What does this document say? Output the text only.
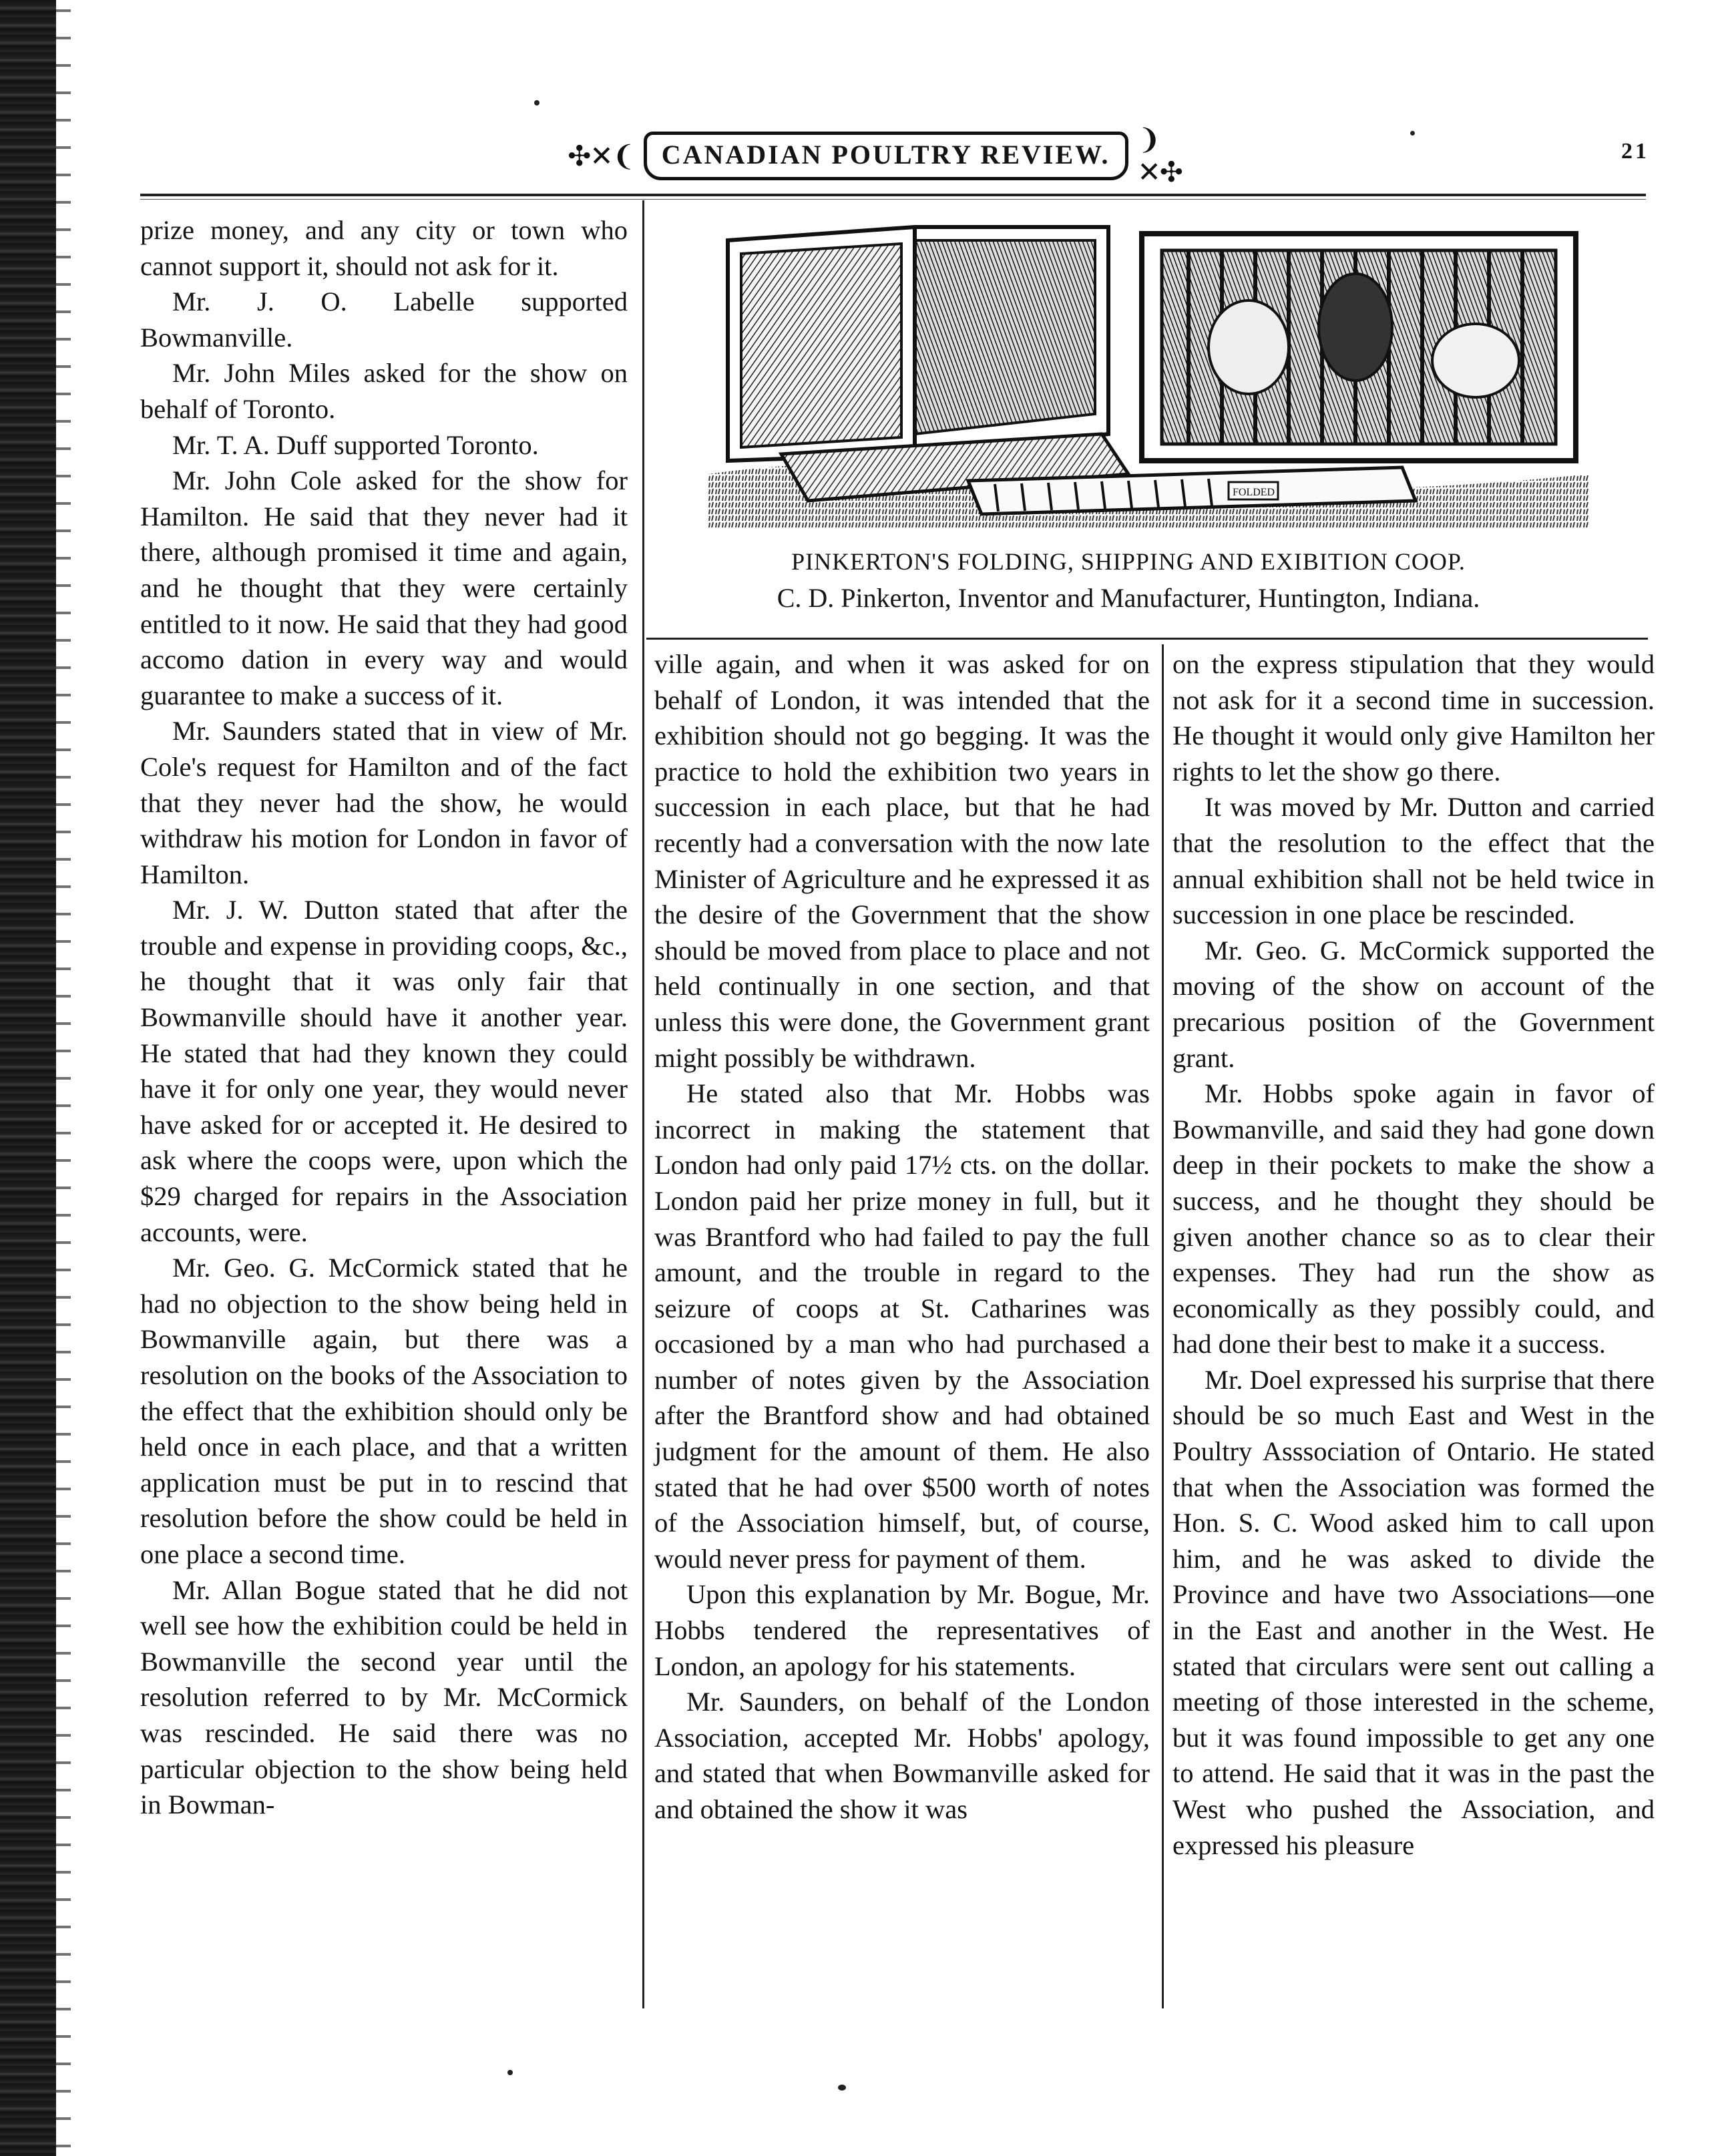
✣✕❨	CANADIAN POULTRY REVIEW. ❩✕✣
21
FOLDED
PINKERTON'S FOLDING, SHIPPING AND EXIBITION COOP.
C. D. Pinkerton, Inventor and Manufacturer, Huntington, Indiana.

prize money, and any city or town who cannot support it, should not ask for it.

Mr. J. O. Labelle supported Bowmanville.

Mr. John Miles asked for the show on behalf of Toronto.

Mr. T. A. Duff supported Toronto.

Mr. John Cole asked for the show for Hamilton. He said that they never had it there, although promised it time and again, and he thought that they were certainly entitled to it now. He said that they had good accomo dation in every way and would guarantee to make a success of it.

Mr. Saunders stated that in view of Mr. Cole's request for Hamilton and of the fact that they never had the show, he would withdraw his motion for London in favor of Hamilton.

Mr. J. W. Dutton stated that after the trouble and expense in providing coops, &c., he thought that it was only fair that Bowmanville should have it another year. He stated that had they known they could have it for only one year, they would never have asked for or accepted it. He desired to ask where the coops were, upon which the $29 charged for repairs in the Association accounts, were.

Mr. Geo. G. McCormick stated that he had no objection to the show being held in Bowmanville again, but there was a resolution on the books of the Association to the effect that the exhibition should only be held once in each place, and that a written application must be put in to rescind that resolution before the show could be held in one place a second time.

Mr. Allan Bogue stated that he did not well see how the exhibition could be held in Bowmanville the second year until the resolution referred to by Mr. McCormick was rescinded. He said there was no particular objection to the show being held in Bowman-

ville again, and when it was asked for on behalf of London, it was intended that the exhibition should not go begging. It was the practice to hold the exhibition two years in succession in each place, but that he had recently had a conversation with the now late Minister of Agriculture and he expressed it as the desire of the Government that the show should be moved from place to place and not held continually in one section, and that unless this were done, the Government grant might possibly be withdrawn.

He stated also that Mr. Hobbs was incorrect in making the statement that London had only paid 17½ cts. on the dollar. London paid her prize money in full, but it was Brantford who had failed to pay the full amount, and the trouble in regard to the seizure of coops at St. Catharines was occasioned by a man who had purchased a number of notes given by the Association after the Brantford show and had obtained judgment for the amount of them. He also stated that he had over $500 worth of notes of the Association himself, but, of course, would never press for payment of them.

Upon this explanation by Mr. Bogue, Mr. Hobbs tendered the representatives of London, an apology for his statements.

Mr. Saunders, on behalf of the London Association, accepted Mr. Hobbs' apology, and stated that when Bowmanville asked for and obtained the show it was

on the express stipulation that they would not ask for it a second time in succession. He thought it would only give Hamilton her rights to let the show go there.

It was moved by Mr. Dutton and carried that the resolution to the effect that the annual exhibition shall not be held twice in succession in one place be rescinded.

Mr. Geo. G. McCormick supported the moving of the show on account of the precarious position of the Government grant.

Mr. Hobbs spoke again in favor of Bowmanville, and said they had gone down deep in their pockets to make the show a success, and he thought they should be given another chance so as to clear their expenses. They had run the show as economically as they possibly could, and had done their best to make it a success.

Mr. Doel expressed his surprise that there should be so much East and West in the Poultry Asssociation of Ontario. He stated that when the Association was formed the Hon. S. C. Wood asked him to call upon him, and he was asked to divide the Province and have two Associations—one in the East and another in the West. He stated that circulars were sent out calling a meeting of those interested in the scheme, but it was found impossible to get any one to attend. He said that it was in the past the West who pushed the Association, and expressed his pleasure
